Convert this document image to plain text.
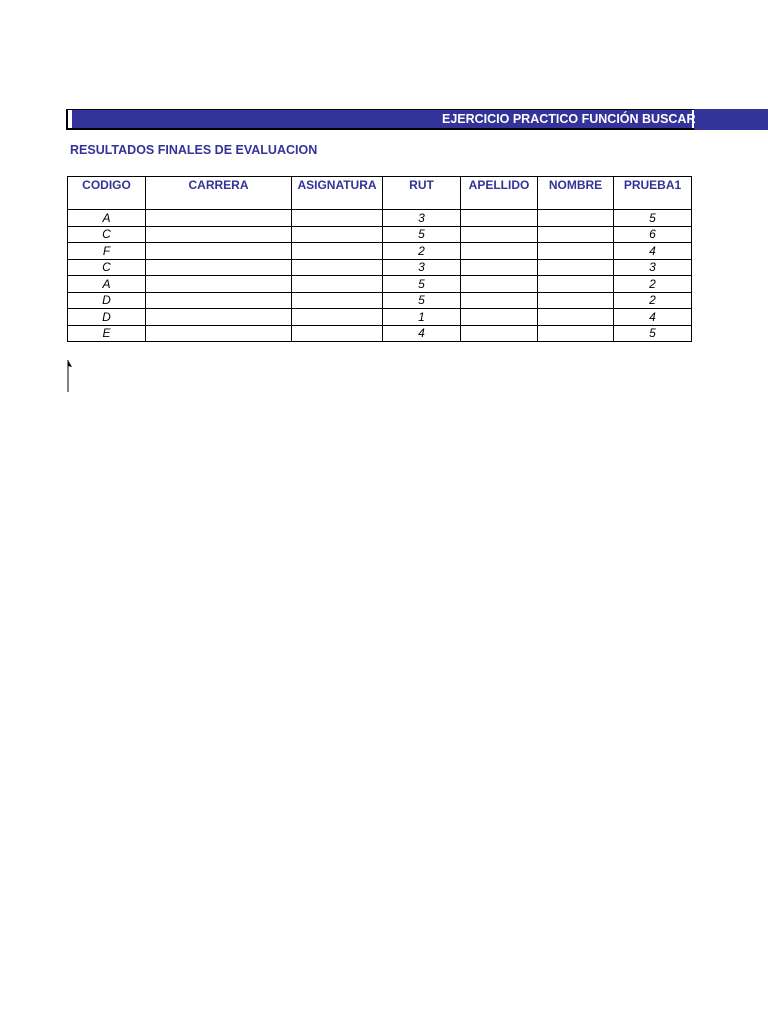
EJERCICIO PRACTICO FUNCIÓN BUSCAR
RESULTADOS FINALES DE EVALUACION
CODIGO	CARRERA	ASIGNATURA	RUT	APELLIDO	NOMBRE	PRUEBA1
A			3			5
C			5			6
F			2			4
C			3			3
A			5			2
D			5			2
D			1			4
E			4			5
